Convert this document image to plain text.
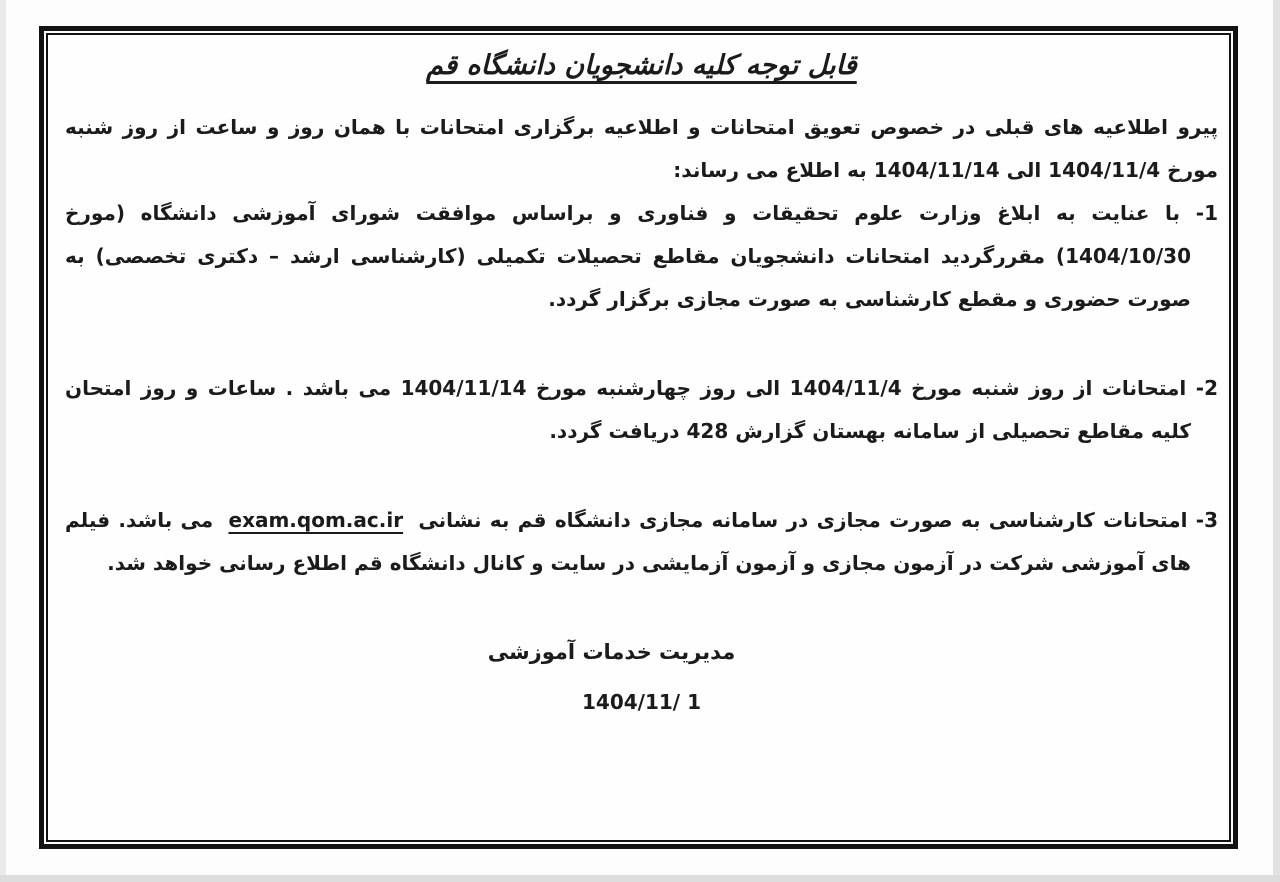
قابل توجه کلیه دانشجویان دانشگاه قم

پیرو اطلاعیه های قبلی در خصوص تعویق امتحانات و اطلاعیه برگزاری امتحانات با همان روز و ساعت از روز شنبه مورخ 1404/11/4 الی 1404/11/14 به اطلاع می رساند:

1- با عنایت به ابلاغ وزارت علوم تحقیقات و فناوری و براساس موافقت شورای آموزشی دانشگاه (مورخ 1404/10/30) مقررگردید امتحانات دانشجویان مقاطع تحصیلات تکمیلی (کارشناسی ارشد – دکتری تخصصی) به صورت حضوری و مقطع کارشناسی به صورت مجازی برگزار گردد.
2- امتحانات از روز شنبه مورخ 1404/11/4 الی روز چهارشنبه مورخ 1404/11/14 می باشد . ساعات و روز امتحان کلیه مقاطع تحصیلی از سامانه بهستان گزارش 428 دریافت گردد.
3- امتحانات کارشناسی به صورت مجازی در سامانه مجازی دانشگاه قم به نشانی exam.qom.ac.ir می باشد. فیلم های آموزشی شرکت در آزمون مجازی و آزمون آزمایشی در سایت و کانال دانشگاه قم اطلاع رسانی خواهد شد.
مدیریت خدمات آموزشی
1404/11/ 1
